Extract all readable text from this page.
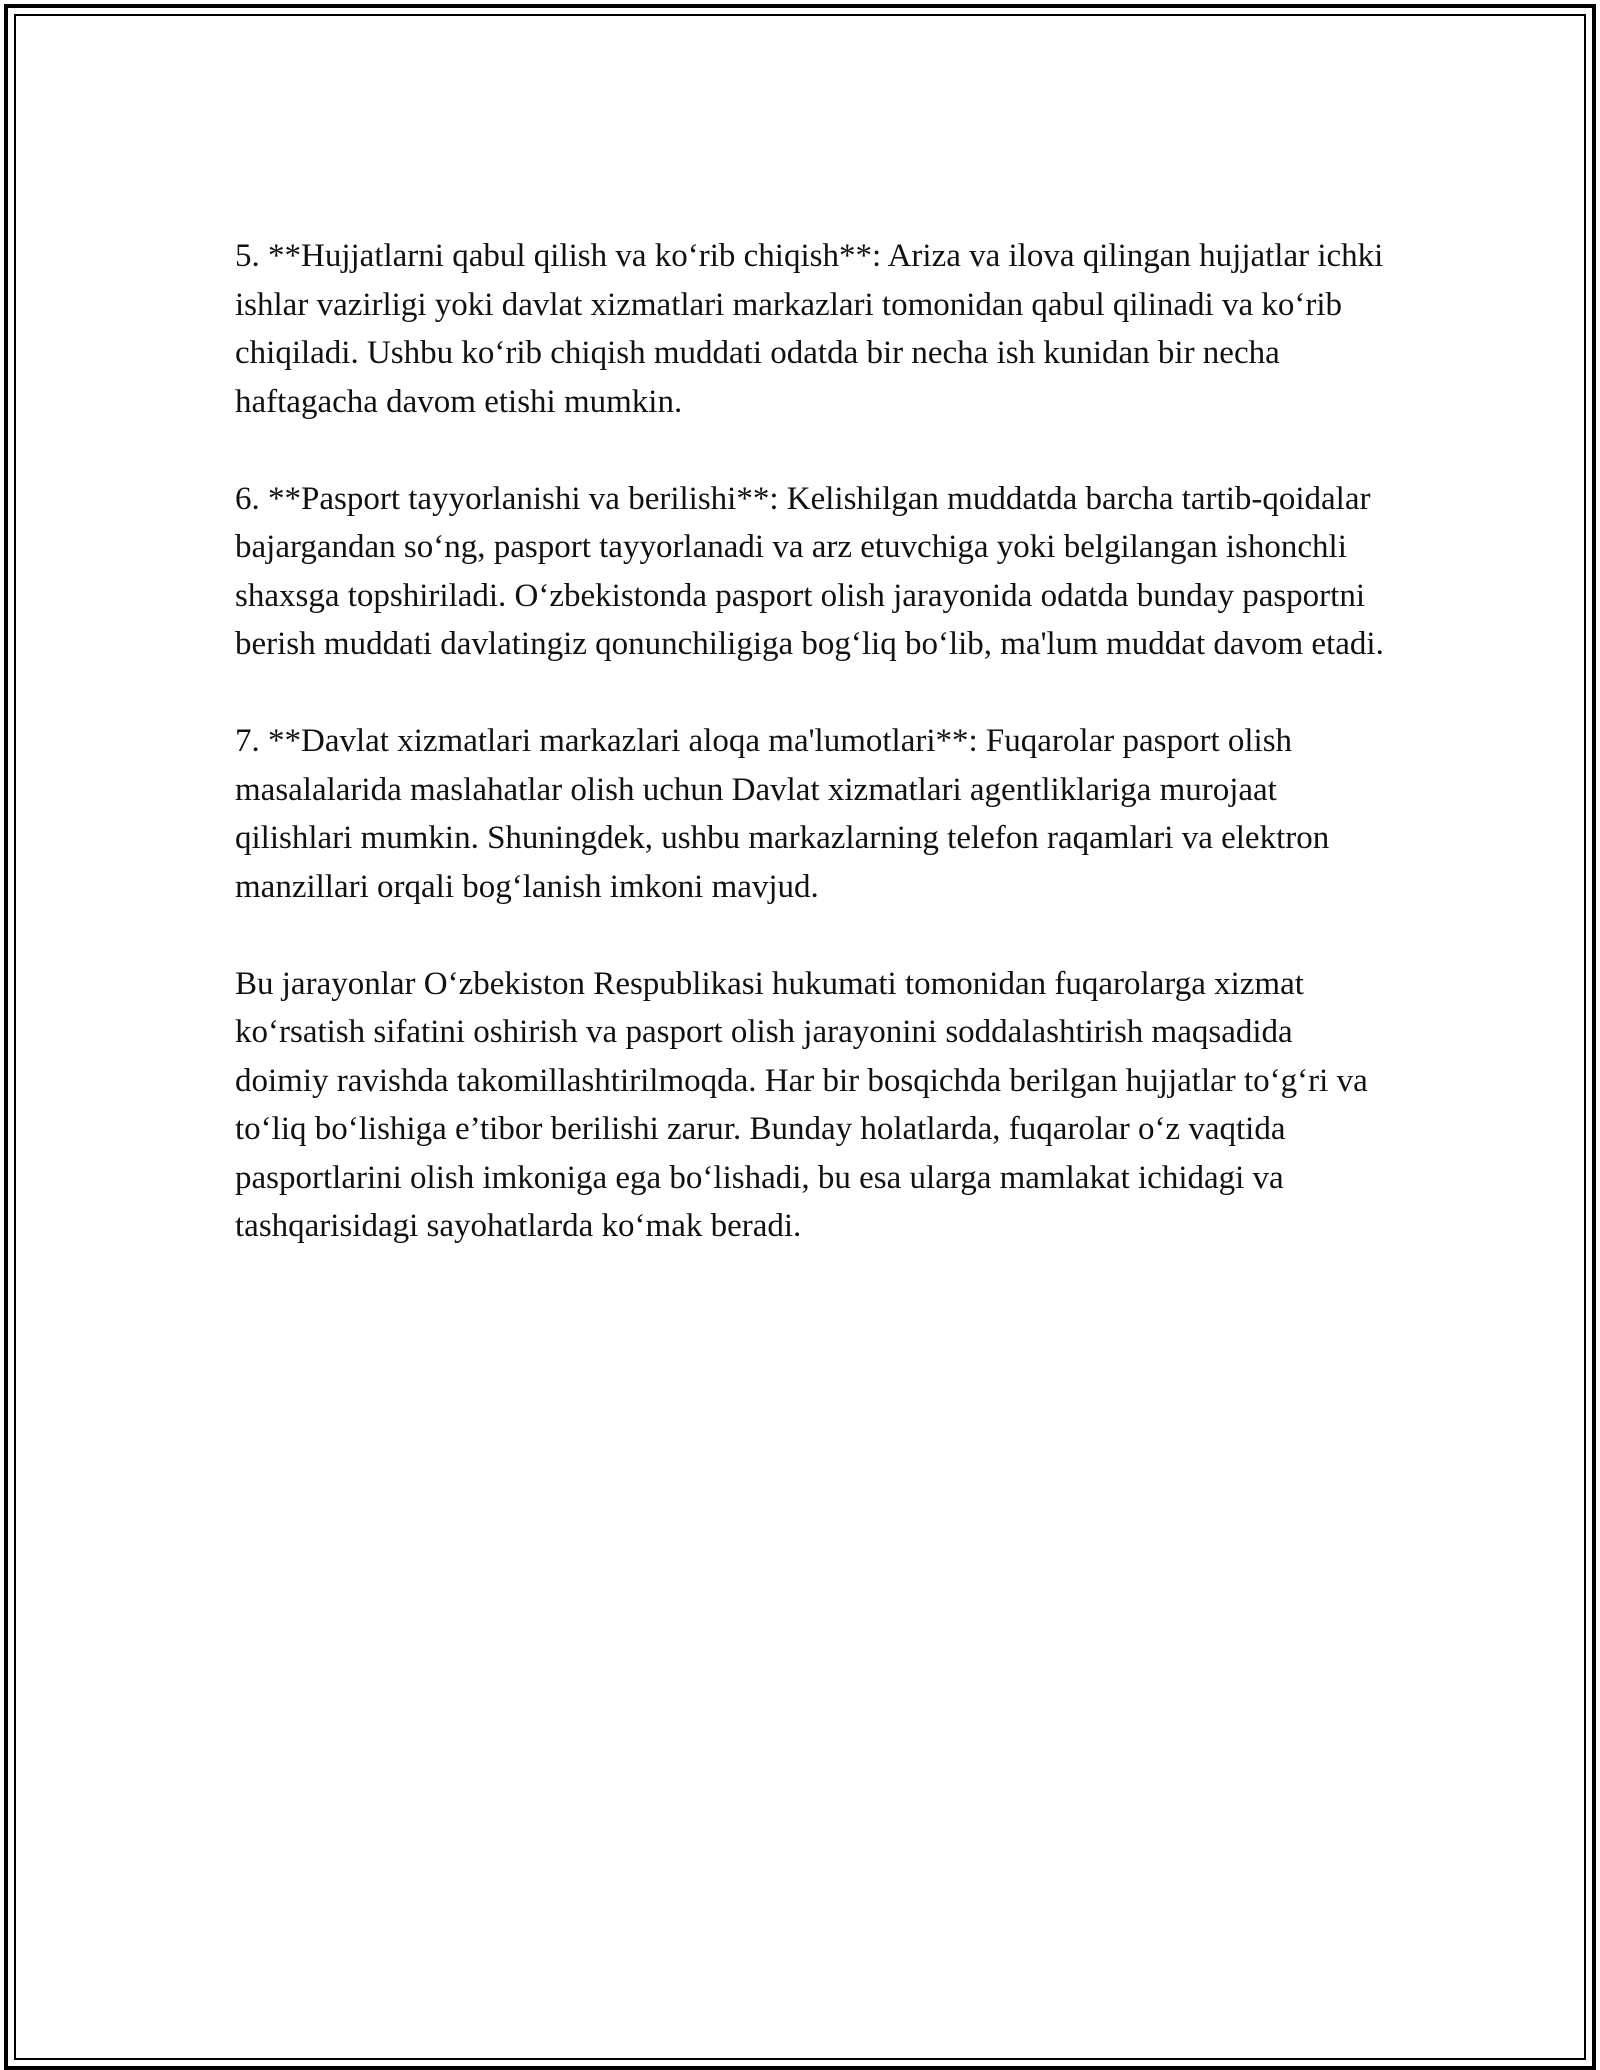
5. **Hujjatlarni qabul qilish va ko‘rib chiqish**: Ariza va ilova qilingan hujjatlar ichki ishlar vazirligi yoki davlat xizmatlari markazlari tomonidan qabul qilinadi va ko‘rib chiqiladi. Ushbu ko‘rib chiqish muddati odatda bir necha ish kunidan bir necha haftagacha davom etishi mumkin.

6. **Pasport tayyorlanishi va berilishi**: Kelishilgan muddatda barcha tartib-qoidalar bajargandan so‘ng, pasport tayyorlanadi va arz etuvchiga yoki belgilangan ishonchli shaxsga topshiriladi. O‘zbekistonda pasport olish jarayonida odatda bunday pasportni berish muddati davlatingiz qonunchiligiga bog‘liq bo‘lib, ma'lum muddat davom etadi.

7. **Davlat xizmatlari markazlari aloqa ma'lumotlari**: Fuqarolar pasport olish masalalarida maslahatlar olish uchun Davlat xizmatlari agentliklariga murojaat qilishlari mumkin. Shuningdek, ushbu markazlarning telefon raqamlari va elektron manzillari orqali bog‘lanish imkoni mavjud.

Bu jarayonlar O‘zbekiston Respublikasi hukumati tomonidan fuqarolarga xizmat ko‘rsatish sifatini oshirish va pasport olish jarayonini soddalashtirish maqsadida doimiy ravishda takomillashtirilmoqda. Har bir bosqichda berilgan hujjatlar to‘g‘ri va to‘liq bo‘lishiga e’tibor berilishi zarur. Bunday holatlarda, fuqarolar o‘z vaqtida pasportlarini olish imkoniga ega bo‘lishadi, bu esa ularga mamlakat ichidagi va tashqarisidagi sayohatlarda ko‘mak beradi.
